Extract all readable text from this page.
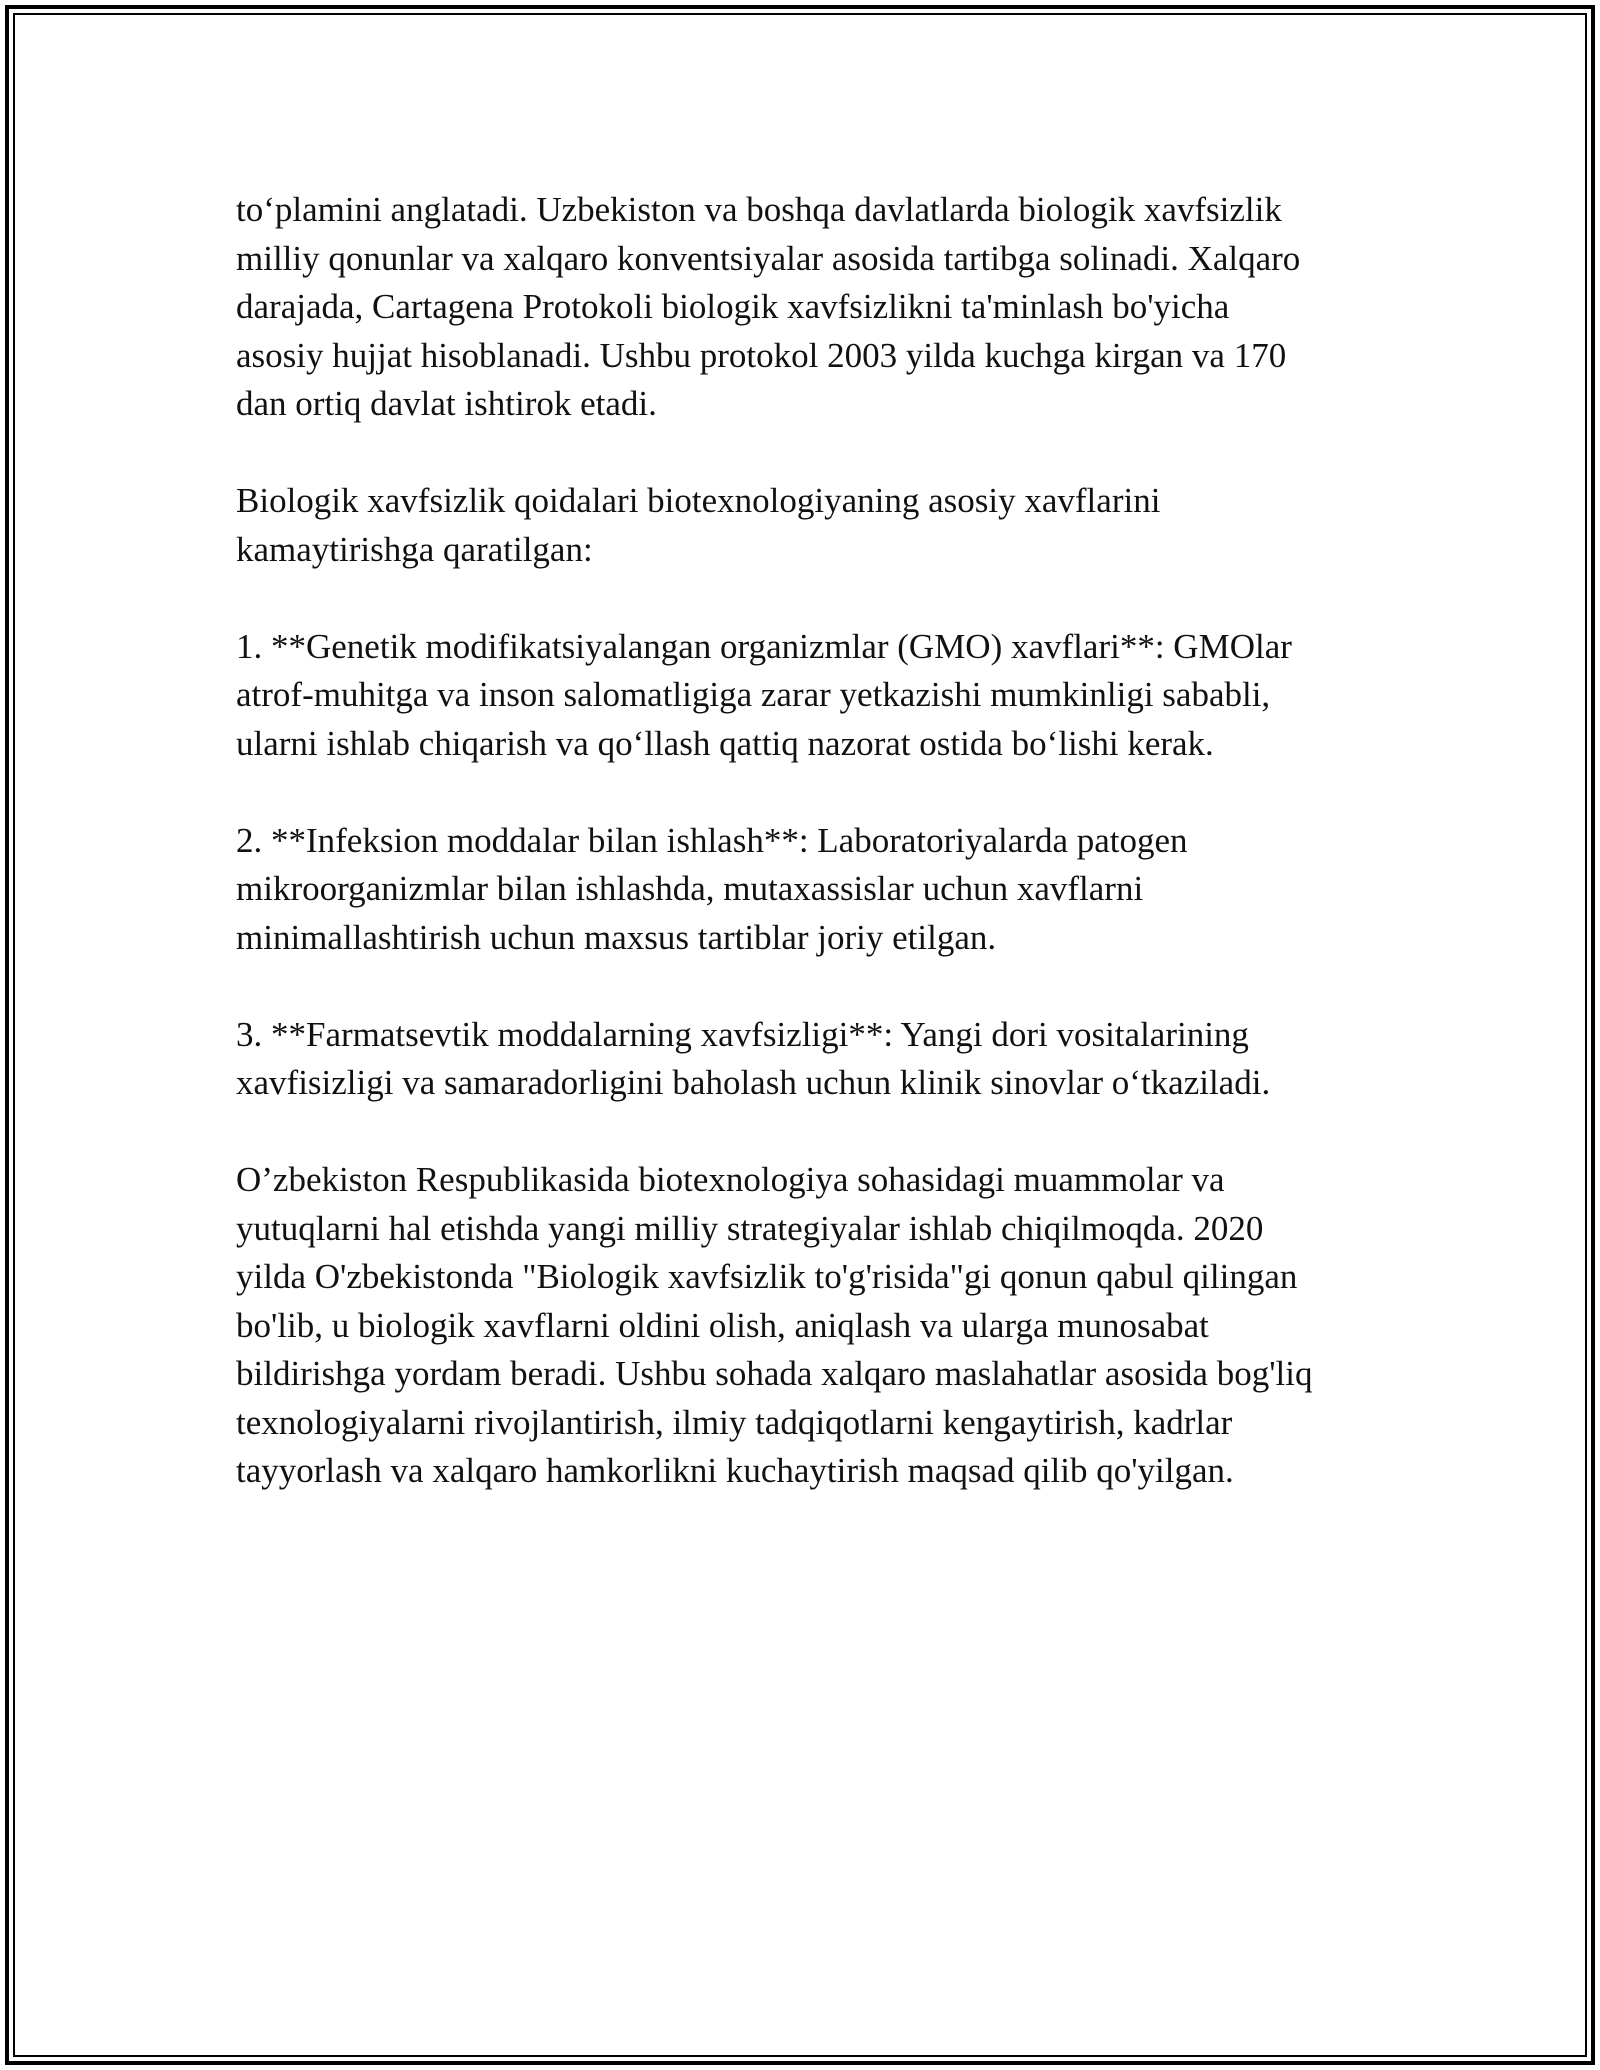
to‘plamini anglatadi. Uzbekiston va boshqa davlatlarda biologik xavfsizlik
milliy qonunlar va xalqaro konventsiyalar asosida tartibga solinadi. Xalqaro
darajada, Cartagena Protokoli biologik xavfsizlikni ta'minlash bo'yicha
asosiy hujjat hisoblanadi. Ushbu protokol 2003 yilda kuchga kirgan va 170
dan ortiq davlat ishtirok etadi.

Biologik xavfsizlik qoidalari biotexnologiyaning asosiy xavflarini
kamaytirishga qaratilgan:

1. **Genetik modifikatsiyalangan organizmlar (GMO) xavflari**: GMOlar
atrof-muhitga va inson salomatligiga zarar yetkazishi mumkinligi sababli,
ularni ishlab chiqarish va qo‘llash qattiq nazorat ostida bo‘lishi kerak.

2. **Infeksion moddalar bilan ishlash**: Laboratoriyalarda patogen
mikroorganizmlar bilan ishlashda, mutaxassislar uchun xavflarni
minimallashtirish uchun maxsus tartiblar joriy etilgan.

3. **Farmatsevtik moddalarning xavfsizligi**: Yangi dori vositalarining
xavfisizligi va samaradorligini baholash uchun klinik sinovlar o‘tkaziladi.

O’zbekiston Respublikasida biotexnologiya sohasidagi muammolar va
yutuqlarni hal etishda yangi milliy strategiyalar ishlab chiqilmoqda. 2020
yilda O'zbekistonda "Biologik xavfsizlik to'g'risida"gi qonun qabul qilingan
bo'lib, u biologik xavflarni oldini olish, aniqlash va ularga munosabat
bildirishga yordam beradi. Ushbu sohada xalqaro maslahatlar asosida bog'liq
texnologiyalarni rivojlantirish, ilmiy tadqiqotlarni kengaytirish, kadrlar
tayyorlash va xalqaro hamkorlikni kuchaytirish maqsad qilib qo'yilgan.
